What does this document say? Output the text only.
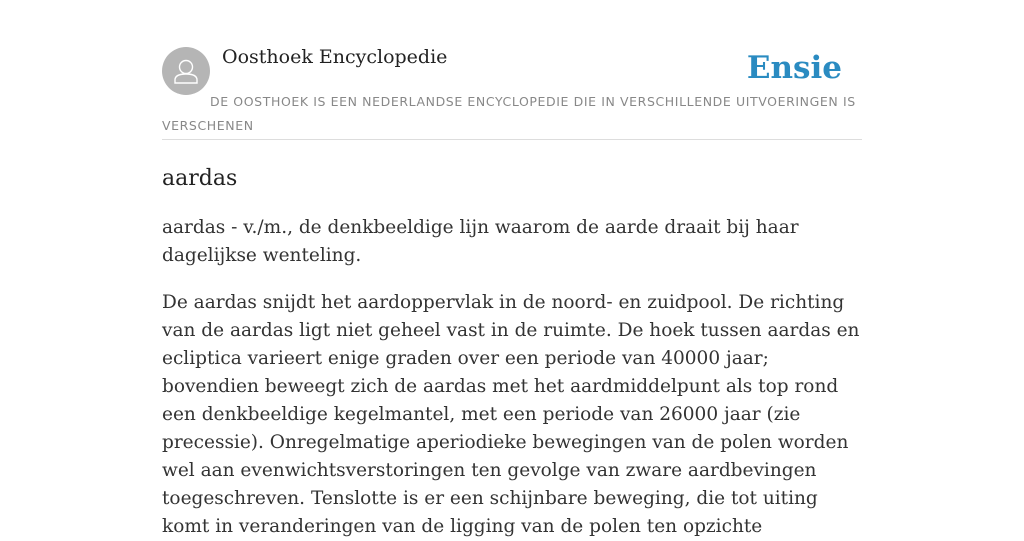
Oosthoek Encyclopedie	Ensie
DE OOSTHOEK IS EEN NEDERLANDSE ENCYCLOPEDIE DIE IN VERSCHILLENDE UITVOERINGEN IS VERSCHENEN
aardas

aardas - v./m., de denkbeeldige lijn waarom de aarde draait bij haar dagelijkse wenteling.

De aardas snijdt het aardoppervlak in de noord- en zuidpool. De richting van de aardas ligt niet geheel vast in de ruimte. De hoek tussen aardas en ecliptica varieert enige graden over een periode van 40000 jaar; bovendien beweegt zich de aardas met het aardmiddelpunt als top rond een denkbeeldige kegelmantel, met een periode van 26000 jaar (zie precessie). Onregelmatige aperiodieke bewegingen van de polen worden wel aan evenwichtsverstoringen ten gevolge van zware aardbevingen toegeschreven. Tenslotte is er een schijnbare beweging, die tot uiting komt in veranderingen van de ligging van de polen ten opzichte
